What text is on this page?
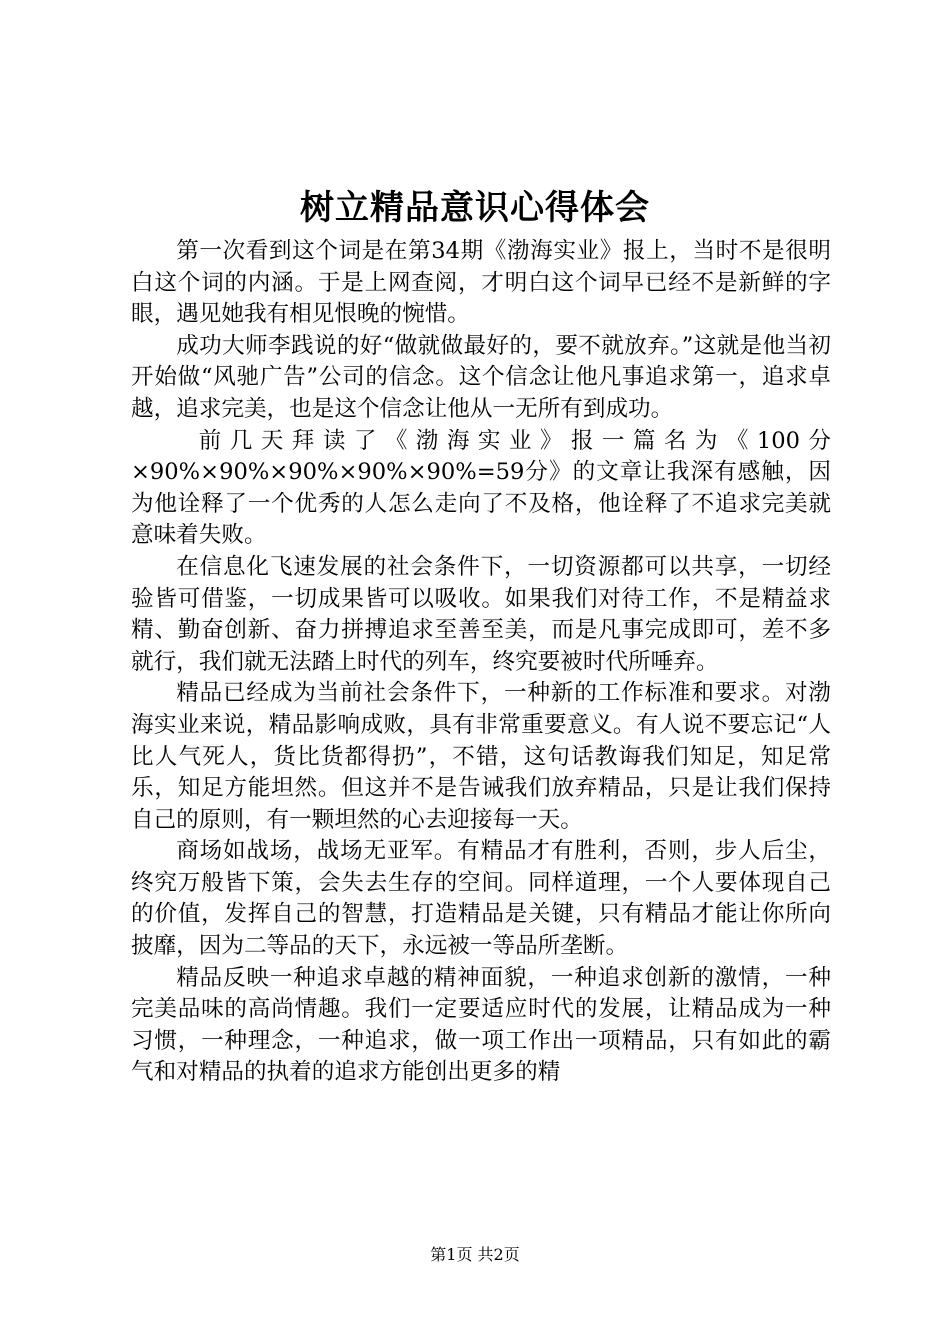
树立精品意识心得体会

第一次看到这个词是在第34期《渤海实业》报上，当时不是很明白这个词的内涵。于是上网查阅，才明白这个词早已经不是新鲜的字眼，遇见她我有相见恨晚的惋惜。

成功大师李践说的好“做就做最好的，要不就放弃。”这就是他当初开始做“风驰广告”公司的信念。这个信念让他凡事追求第一，追求卓越，追求完美，也是这个信念让他从一无所有到成功。

前几天拜读了《渤海实业》报一篇名为《100分×90%×90%×90%×90%×90%=59分》的文章让我深有感触，因为他诠释了一个优秀的人怎么走向了不及格，他诠释了不追求完美就意味着失败。

在信息化飞速发展的社会条件下，一切资源都可以共享，一切经验皆可借鉴，一切成果皆可以吸收。如果我们对待工作，不是精益求精、勤奋创新、奋力拼搏追求至善至美，而是凡事完成即可，差不多就行，我们就无法踏上时代的列车，终究要被时代所唾弃。

精品已经成为当前社会条件下，一种新的工作标准和要求。对渤海实业来说，精品影响成败，具有非常重要意义。有人说不要忘记“人比人气死人，货比货都得扔”，不错，这句话教诲我们知足，知足常乐，知足方能坦然。但这并不是告诫我们放弃精品，只是让我们保持自己的原则，有一颗坦然的心去迎接每一天。

商场如战场，战场无亚军。有精品才有胜利，否则，步人后尘，终究万般皆下策，会失去生存的空间。同样道理，一个人要体现自己的价值，发挥自己的智慧，打造精品是关键，只有精品才能让你所向披靡，因为二等品的天下，永远被一等品所垄断。

精品反映一种追求卓越的精神面貌，一种追求创新的激情，一种完美品味的高尚情趣。我们一定要适应时代的发展，让精品成为一种习惯，一种理念，一种追求，做一项工作出一项精品，只有如此的霸气和对精品的执着的追求方能创出更多的精

第1页 共2页
